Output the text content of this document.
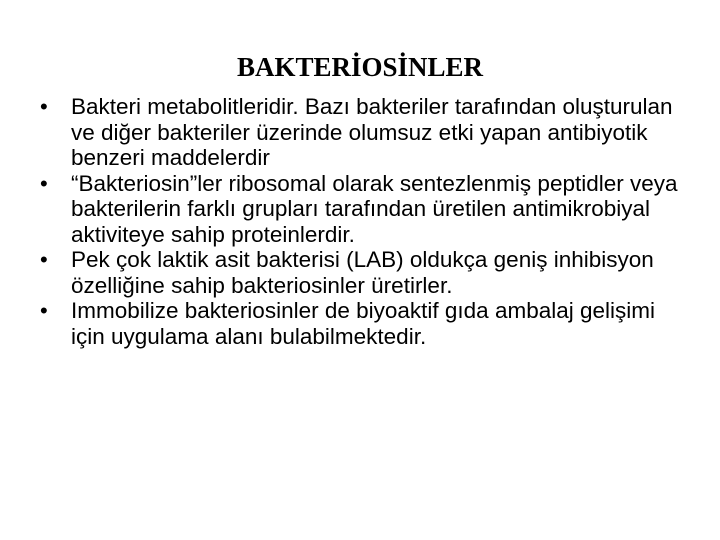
BAKTERİOSİNLER
•	Bakteri metabolitleridir. Bazı bakteriler tarafından oluşturulan ve diğer bakteriler üzerinde olumsuz etki yapan antibiyotik benzeri maddelerdir
•	“Bakteriosin”ler ribosomal olarak sentezlenmiş peptidler veya bakterilerin farklı grupları tarafından üretilen antimikrobiyal aktiviteye sahip proteinlerdir.
•	Pek çok laktik asit bakterisi (LAB) oldukça geniş inhibisyon özelliğine sahip bakteriosinler üretirler.
•	Immobilize bakteriosinler de biyoaktif gıda ambalaj gelişimi için uygulama alanı bulabilmektedir.
